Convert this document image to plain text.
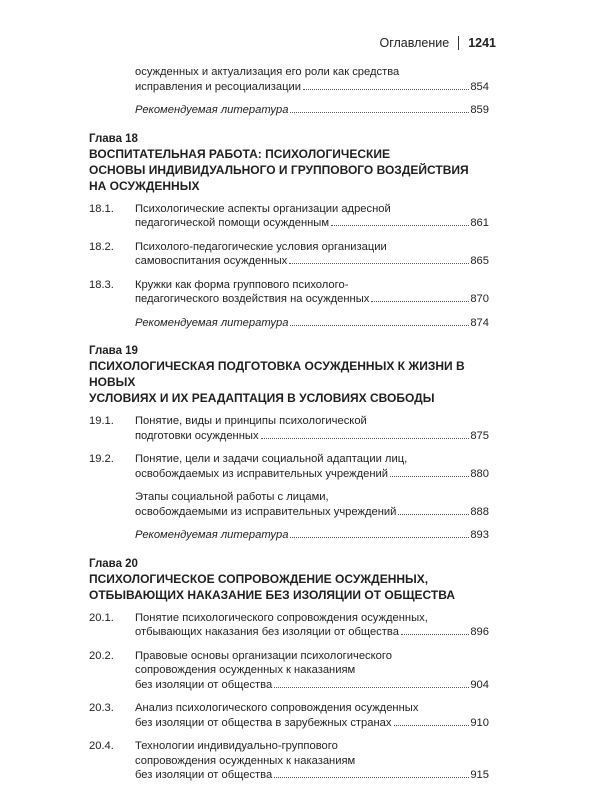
Оглавление 1241
осужденных и актуализация его роли как средства
исправления и ресоциализации	854
Рекомендуемая литература	859
Глава 18
ВОСПИТАТЕЛЬНАЯ РАБОТА: ПСИХОЛОГИЧЕСКИЕ
ОСНОВЫ ИНДИВИДУАЛЬНОГО И ГРУППОВОГО ВОЗДЕЙСТВИЯ
НА ОСУЖДЕННЫХ
18.1.	Психологические аспекты организации адресной
педагогической помощи осужденным	861
18.2.	Психолого-педагогические условия организации
самовоспитания осужденных	865
18.3.	Кружки как форма группового психолого-
педагогического воздействия на осужденных	870
Рекомендуемая литература	874
Глава 19
ПСИХОЛОГИЧЕСКАЯ ПОДГОТОВКА ОСУЖДЕННЫХ К ЖИЗНИ В НОВЫХ
УСЛОВИЯХ И ИХ РЕАДАПТАЦИЯ В УСЛОВИЯХ СВОБОДЫ
19.1.	Понятие, виды и принципы психологической
подготовки осужденных	875
19.2.	Понятие, цели и задачи социальной адаптации лиц,
освобождаемых из исправительных учреждений	880
Этапы социальной работы с лицами,
освобождаемыми из исправительных учреждений	888
Рекомендуемая литература	893
Глава 20
ПСИХОЛОГИЧЕСКОЕ СОПРОВОЖДЕНИЕ ОСУЖДЕННЫХ,
ОТБЫВАЮЩИХ НАКАЗАНИЕ БЕЗ ИЗОЛЯЦИИ ОТ ОБЩЕСТВА
20.1.	Понятие психологического сопровождения осужденных,
отбывающих наказания без изоляции от общества	896
20.2.	Правовые основы организации психологического
сопровождения осужденных к наказаниям
без изоляции от общества	904
20.3.	Анализ психологического сопровождения осужденных
без изоляции от общества в зарубежных странах	910
20.4.	Технологии индивидуально-группового
сопровождения осужденных к наказаниям
без изоляции от общества	915
